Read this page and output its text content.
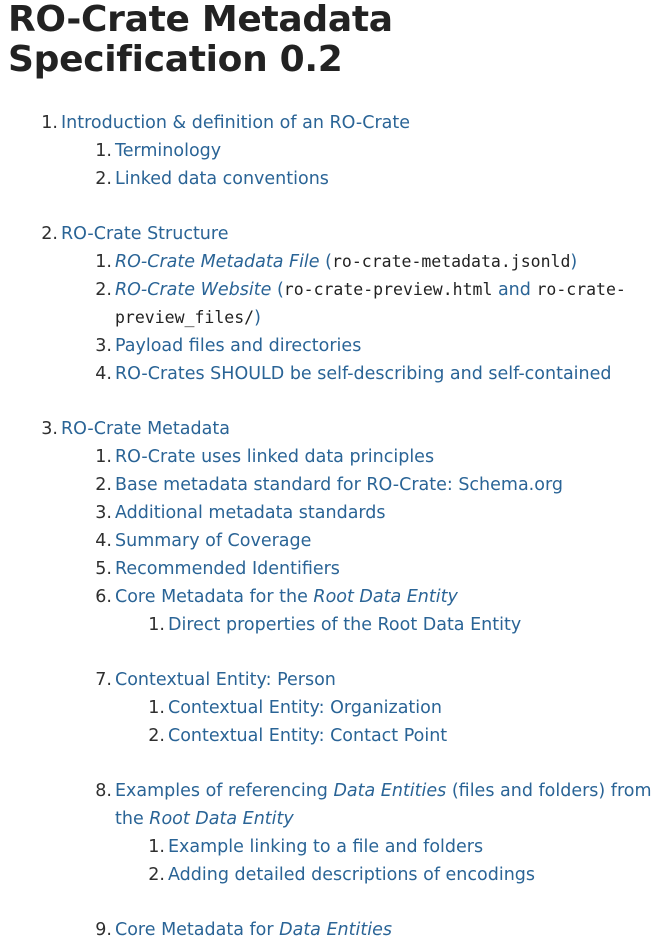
RO-Crate Metadata Specification 0.2
1. Introduction & definition of an RO-Crate
1. Terminology
2. Linked data conventions
2. RO-Crate Structure
1. RO-Crate Metadata File (ro-crate-metadata.jsonld)
2. RO-Crate Website (ro-crate-preview.html and ro-crate-
preview_files/)
3. Payload files and directories
4. RO-Crates SHOULD be self-describing and self-contained
3. RO-Crate Metadata
1. RO-Crate uses linked data principles
2. Base metadata standard for RO-Crate: Schema.org
3. Additional metadata standards
4. Summary of Coverage
5. Recommended Identifiers
6. Core Metadata for the Root Data Entity
1. Direct properties of the Root Data Entity
7. Contextual Entity: Person
1. Contextual Entity: Organization
2. Contextual Entity: Contact Point
8. Examples of referencing Data Entities (files and folders) from
the Root Data Entity
1. Example linking to a file and folders
2. Adding detailed descriptions of encodings
9. Core Metadata for Data Entities
